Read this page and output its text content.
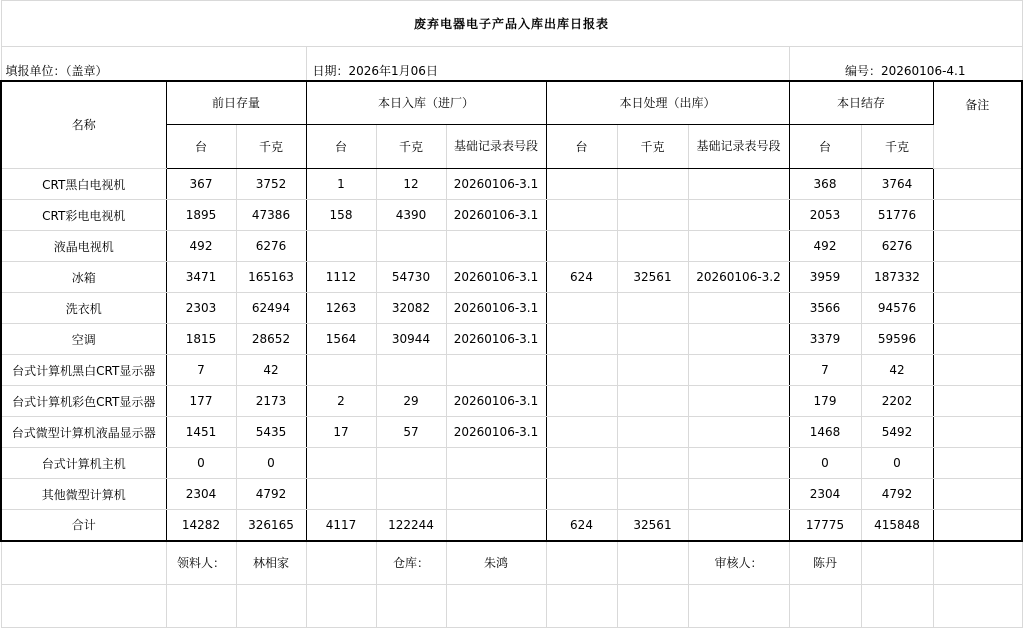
废弃电器电子产品入库出库日报表											
填报单位：（盖章）			日期：2026年1月06日						编号：20260106-4.1		
名称	前日存量		本日入库（进厂）			本日处理（出库）			本日结存		备注
	台	千克	台	千克	基础记录表号段	台	千克	基础记录表号段	台	千克	
CRT黑白电视机	367	3752	1	12	20260106-3.1				368	3764	
CRT彩电电视机	1895	47386	158	4390	20260106-3.1				2053	51776	
液晶电视机	492	6276							492	6276	
冰箱	3471	165163	1112	54730	20260106-3.1	624	32561	20260106-3.2	3959	187332	
洗衣机	2303	62494	1263	32082	20260106-3.1				3566	94576	
空调	1815	28652	1564	30944	20260106-3.1				3379	59596	
台式计算机黑白CRT显示器	7	42							7	42	
台式计算机彩色CRT显示器	177	2173	2	29	20260106-3.1				179	2202	
台式微型计算机液晶显示器	1451	5435	17	57	20260106-3.1				1468	5492	
台式计算机主机	0	0							0	0	
其他微型计算机	2304	4792							2304	4792	
合计	14282	326165	4117	122244		624	32561		17775	415848	
	领料人：	林相家		仓库：	朱鸿			审核人：	陈丹		
